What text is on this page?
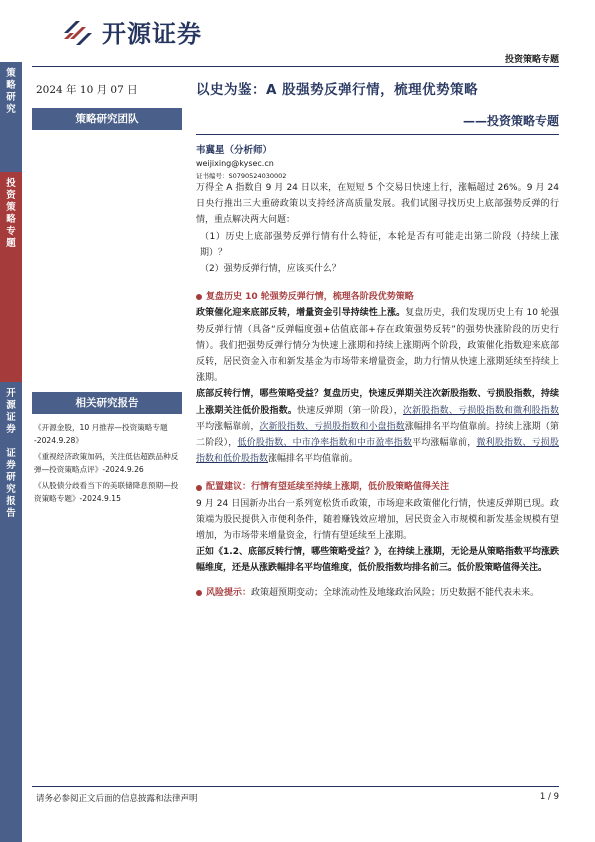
策
略
研
究
投
资
策
略
专
题
开
源
证
券

证
券
研
究
报
告
开源证券
投资策略专题
2024 年 10 月 07 日
策略研究团队
相关研究报告
《开源金股，10 月推荐—投资策略专题 -2024.9.28》
《重视经济政策加码，关注低估超跌品种反弹—投资策略点评》-2024.9.26
《从股债分歧看当下的美联储降息预期—投资策略专题》-2024.9.15
以史为鉴：A 股强势反弹行情，梳理优势策略
——投资策略专题
韦冀星（分析师）
weijixing@kysec.cn
证书编号：S0790524030002

万得全 A 指数自 9 月 24 日以来，在短短 5 个交易日快速上行，涨幅超过 26%。9 月 24 日央行推出三大重磅政策以支持经济高质量发展。我们试图寻找历史上底部强势反弹的行情，重点解决两大问题：

（1）历史上底部强势反弹行情有什么特征，本轮是否有可能走出第二阶段（持续上涨期）？

（2）强势反弹行情，应该买什么？

复盘历史 10 轮强势反弹行情，梳理各阶段优势策略

政策催化迎来底部反转，增量资金引导持续性上涨。复盘历史，我们发现历史上有 10 轮强势反弹行情（具备“反弹幅度强+估值底部+存在政策强势反转”的强势快涨阶段的历史行情）。我们把强势反弹行情分为快速上涨期和持续上涨期两个阶段，政策催化指数迎来底部反转，居民资金入市和新发基金为市场带来增量资金，助力行情从快速上涨期延续至持续上涨期。

底部反转行情，哪些策略受益？复盘历史，快速反弹期关注次新股指数、亏损股指数，持续上涨期关注低价股指数。快速反弹期（第一阶段），次新股指数、亏损股指数和微利股指数平均涨幅靠前，次新股指数、亏损股指数和小盘指数涨幅排名平均值靠前。持续上涨期（第二阶段），低价股指数、中市净率指数和中市盈率指数平均涨幅靠前，微利股指数、亏损股指数和低价股指数涨幅排名平均值靠前。

配置建议：行情有望延续至持续上涨期，低价股策略值得关注

9 月 24 日国新办出台一系列宽松货币政策，市场迎来政策催化行情，快速反弹期已现。政策端为股民提供入市便利条件，随着赚钱效应增加，居民资金入市规模和新发基金规模有望增加，为市场带来增量资金，行情有望延续至上涨期。

正如《1.2、底部反转行情，哪些策略受益？》，在持续上涨期，无论是从策略指数平均涨跌幅维度，还是从涨跌幅排名平均值维度，低价股指数均排名前三。低价股策略值得关注。

风险提示：政策超预期变动；全球流动性及地缘政治风险；历史数据不能代表未来。
请务必参阅正文后面的信息披露和法律声明	1 / 9
